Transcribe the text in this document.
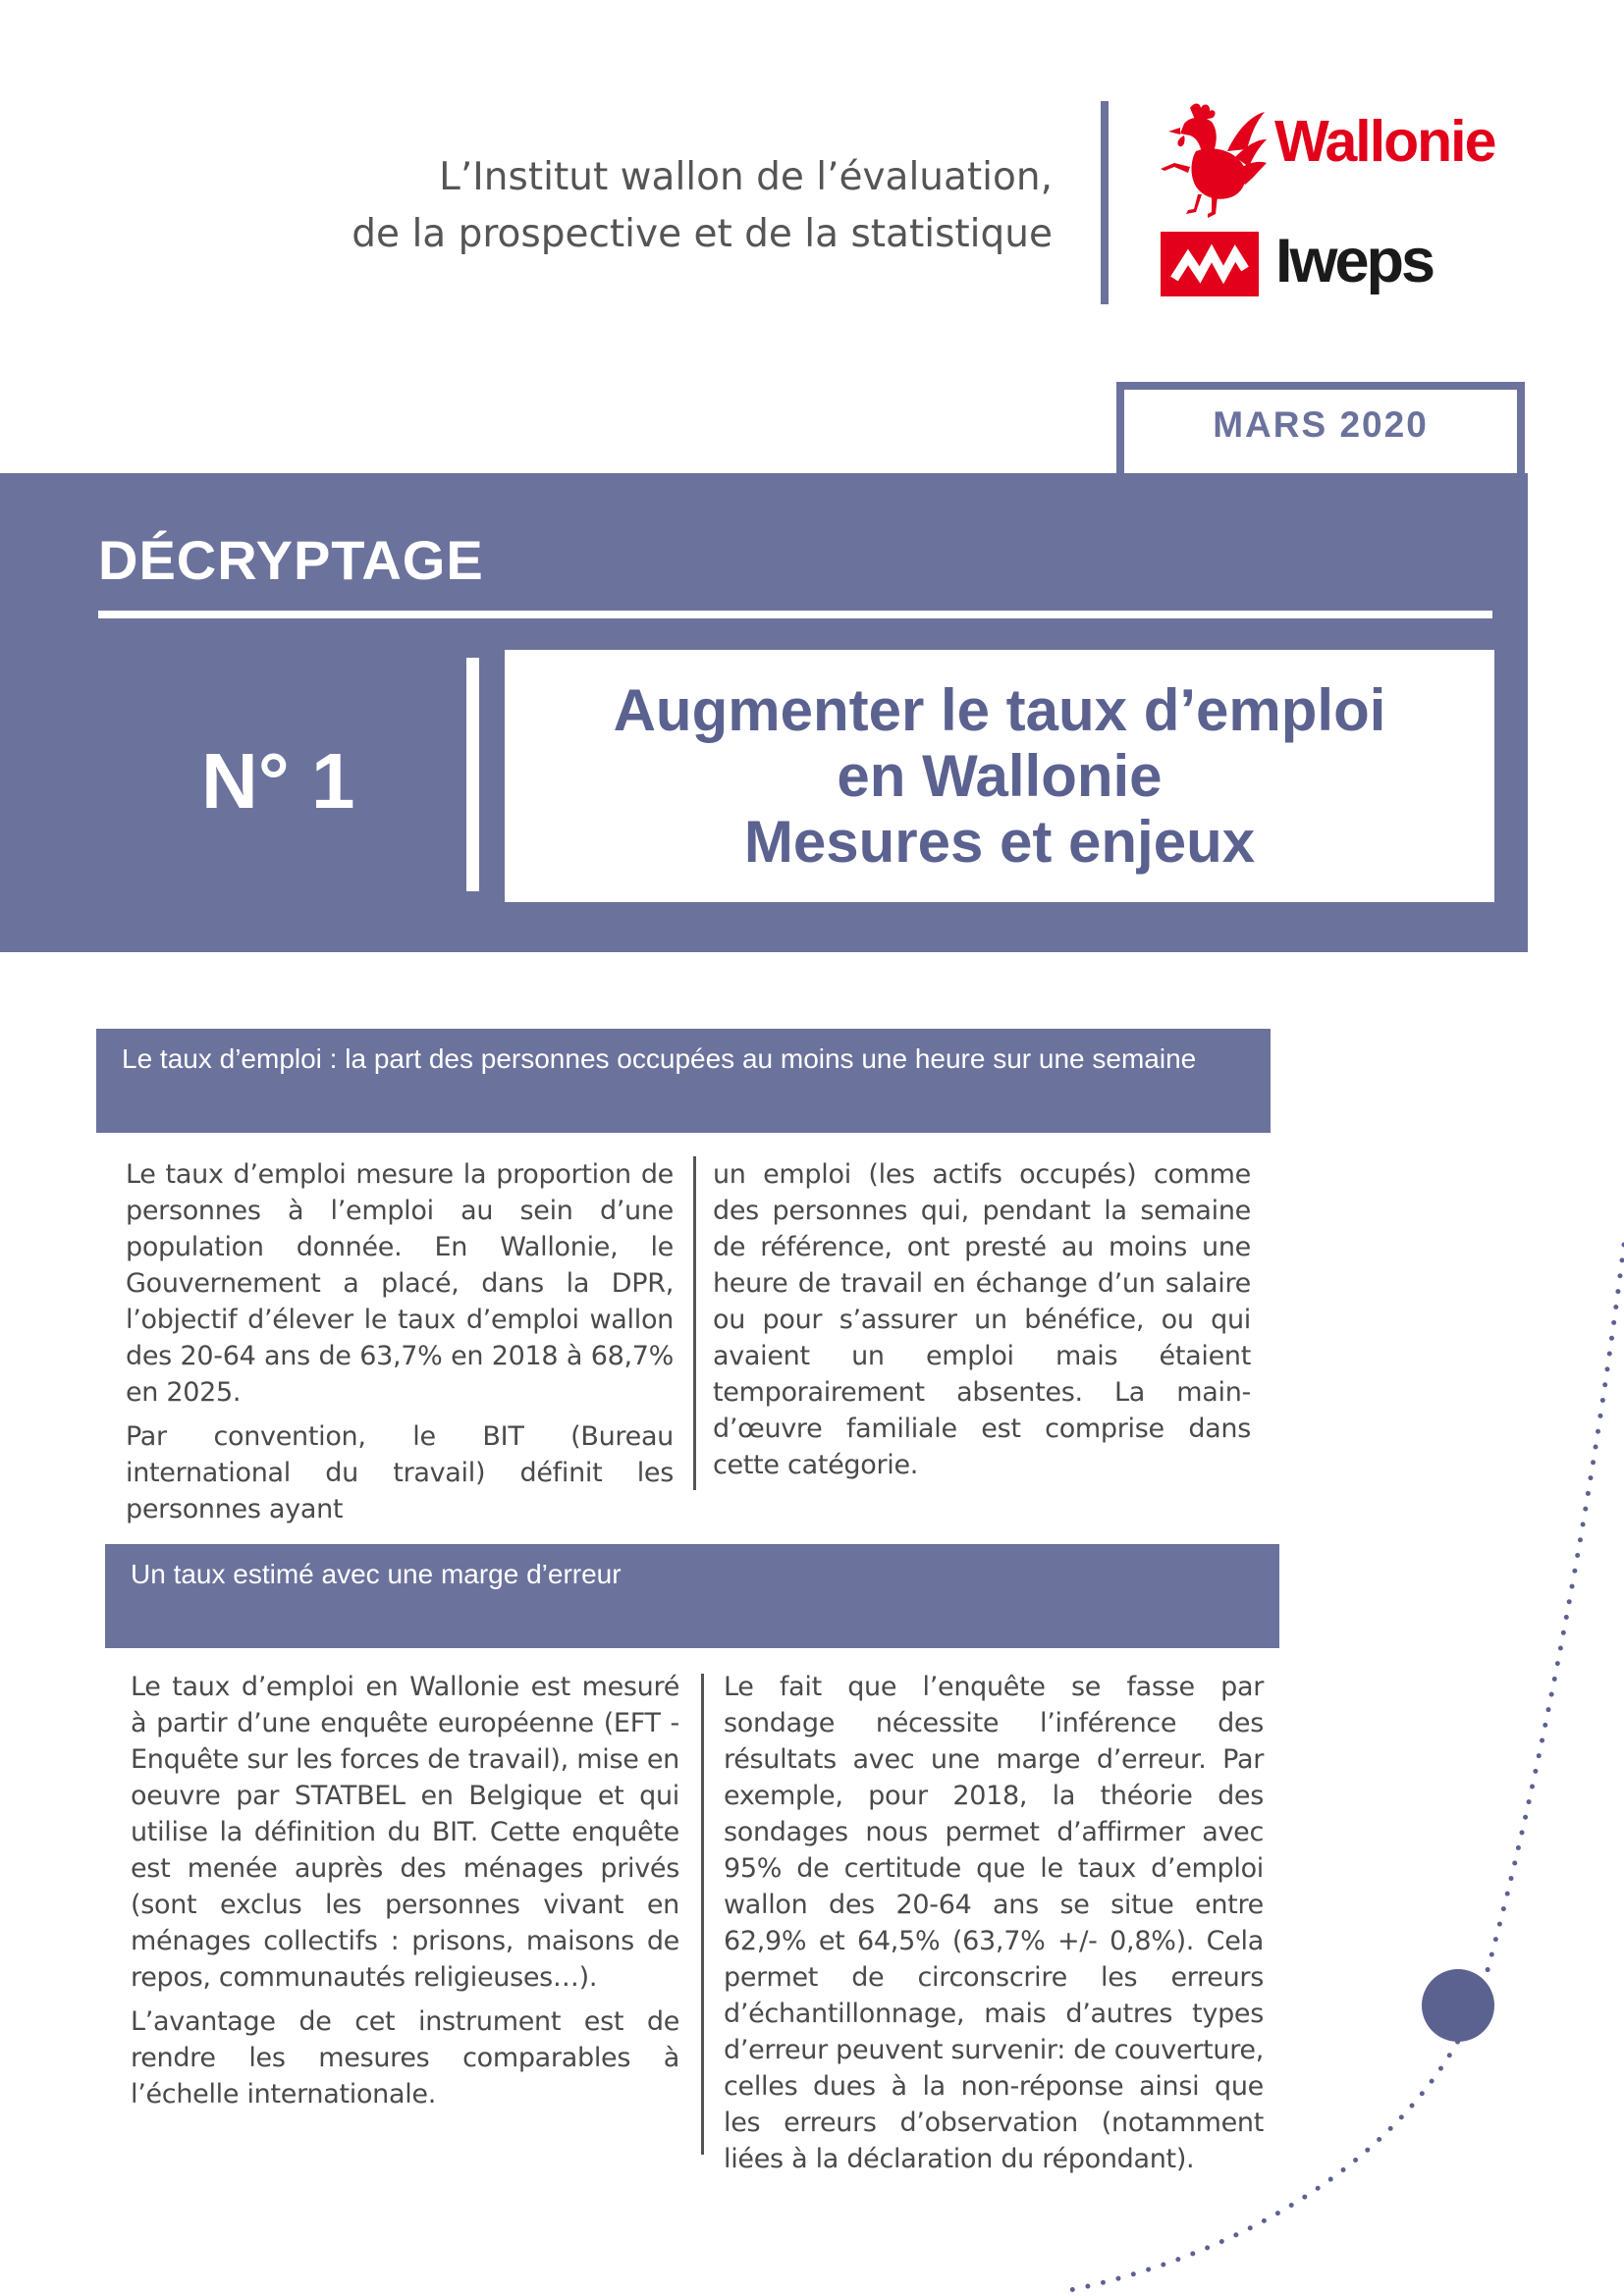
L’Institut wallon de l’évaluation,
de la prospective et de la statistique
Wallonie
Iweps
MARS 2020
DÉCRYPTAGE
N° 1
Augmenter le taux d’emploi
en Wallonie
Mesures et enjeux
Le taux d’emploi : la part des personnes occupées au moins une heure sur une semaine

Le taux d’emploi mesure la proportion de personnes à l’emploi au sein d’une population donnée. En Wallonie, le Gouvernement a placé, dans la DPR, l’objectif d’élever le taux d’emploi wallon des 20-64 ans de 63,7% en 2018 à 68,7% en 2025.

Par convention, le BIT (Bureau international du travail) définit les personnes ayant

un emploi (les actifs occupés) comme des personnes qui, pendant la semaine de référence, ont presté au moins une heure de travail en échange d’un salaire ou pour s’assurer un bénéfice, ou qui avaient un emploi mais étaient temporairement absentes. La main-d’œuvre familiale est comprise dans cette catégorie.

Un taux estimé avec une marge d’erreur

Le taux d’emploi en Wallonie est mesuré à partir d’une enquête européenne (EFT - Enquête sur les forces de travail), mise en oeuvre par STATBEL en Belgique et qui utilise la définition du BIT. Cette enquête est menée auprès des ménages privés (sont exclus les personnes vivant en ménages collectifs : prisons, maisons de repos, communautés religieuses…).

L’avantage de cet instrument est de rendre les mesures comparables à l’échelle internationale.

Le fait que l’enquête se fasse par sondage nécessite l’inférence des résultats avec une marge d’erreur. Par exemple, pour 2018, la théorie des sondages nous permet d’affirmer avec 95% de certitude que le taux d’emploi wallon des 20-64 ans se situe entre 62,9% et 64,5% (63,7% +/- 0,8%). Cela permet de circonscrire les erreurs d’échantillonnage, mais d’autres types d’erreur peuvent survenir: de couverture, celles dues à la non-réponse ainsi que les erreurs d’observation (notamment liées à la déclaration du répondant).
